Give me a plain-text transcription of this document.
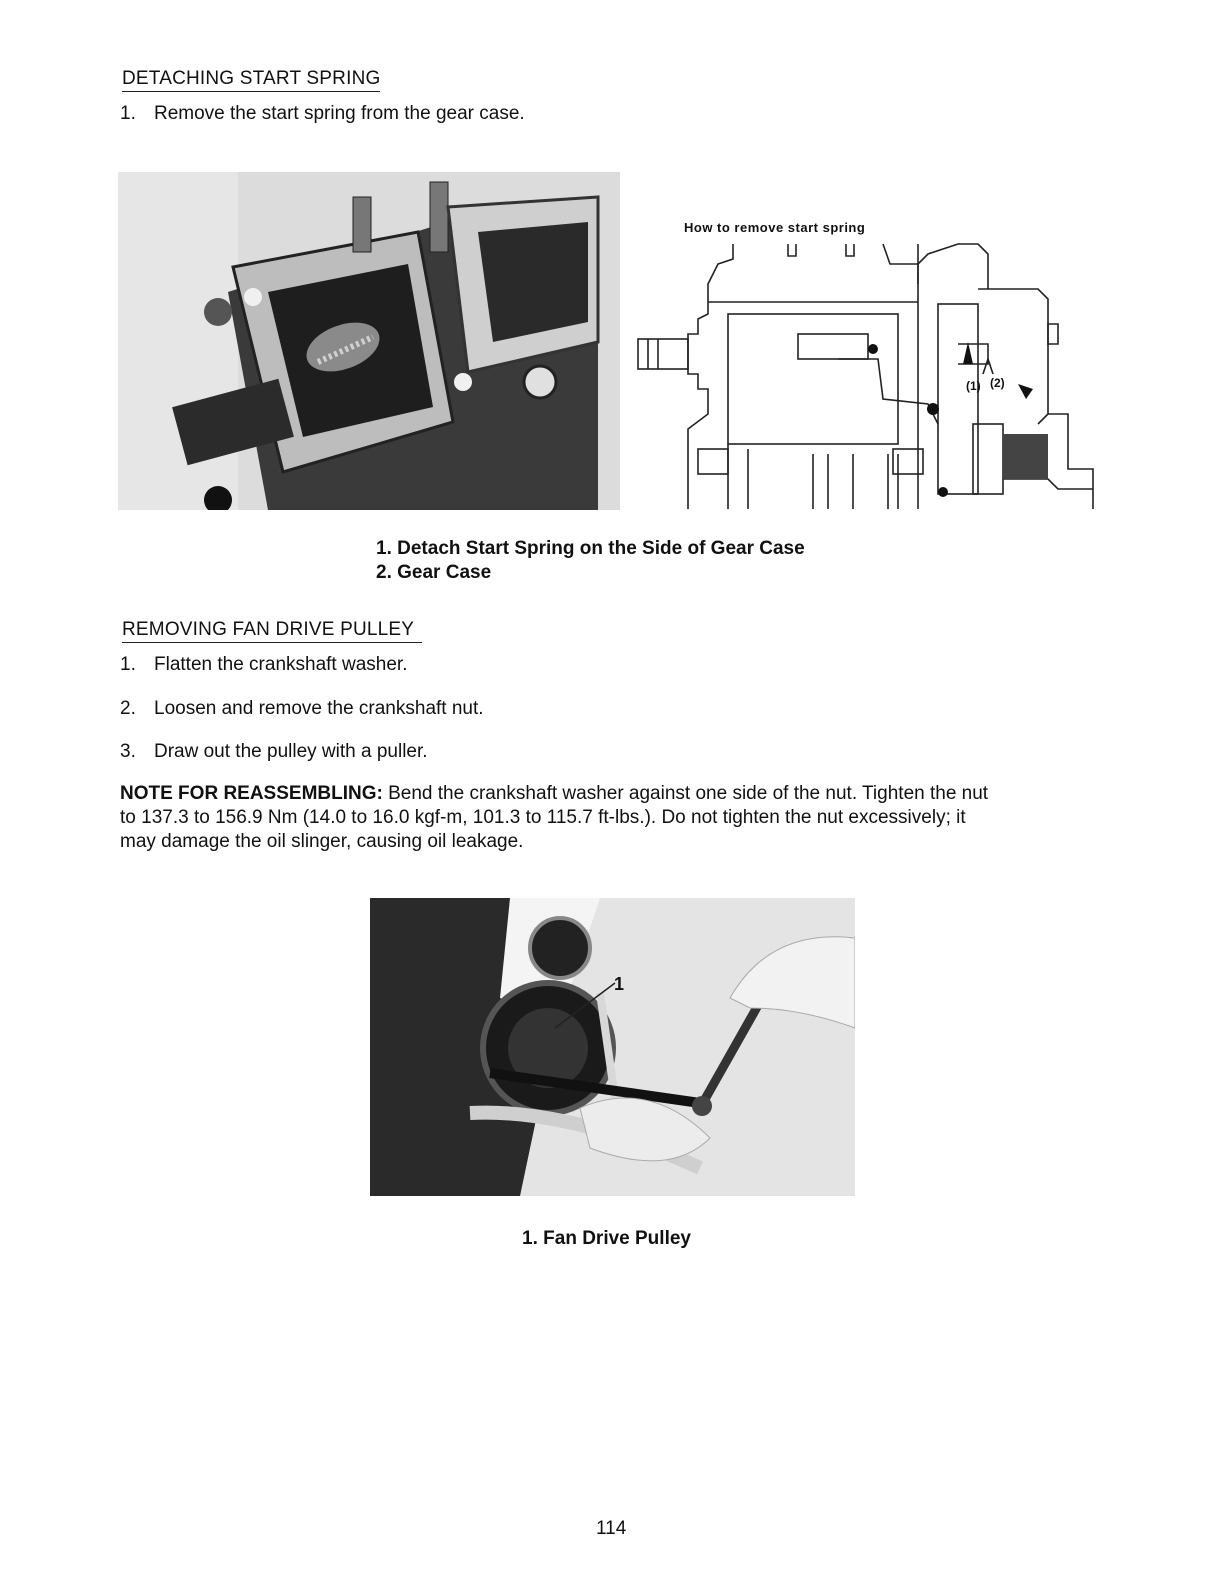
DETACHING START SPRING
1. Remove the start spring from the gear case.
How to remove start spring
(1) (2)
1. Detach Start Spring on the Side of Gear Case
2. Gear Case
REMOVING FAN DRIVE PULLEY
1. Flatten the crankshaft washer.
2. Loosen and remove the crankshaft nut.
3. Draw out the pulley with a puller.
NOTE FOR REASSEMBLING: Bend the crankshaft washer against one side of the nut. Tighten the nut to 137.3 to 156.9 Nm (14.0 to 16.0 kgf-m, 101.3 to 115.7 ft-lbs.). Do not tighten the nut excessively; it may damage the oil slinger, causing oil leakage.
1
1. Fan Drive Pulley
114
